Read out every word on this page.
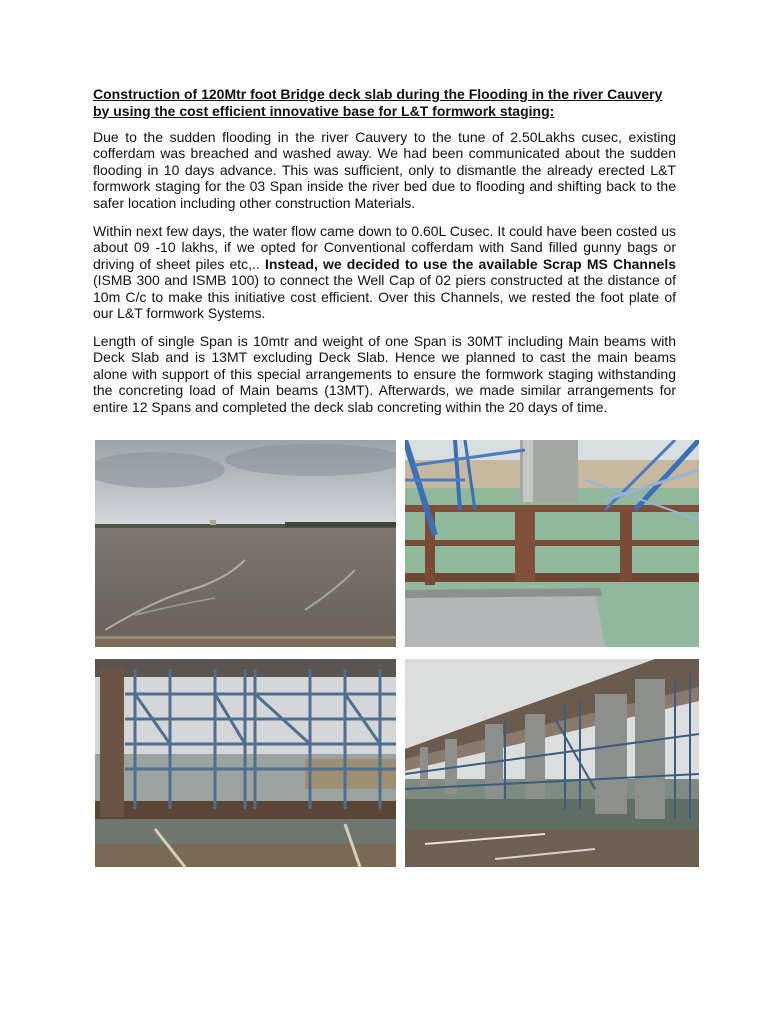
Construction of 120Mtr foot Bridge deck slab during the Flooding in the river Cauvery by using the cost efficient innovative base for L&T formwork staging:

Due to the sudden flooding in the river Cauvery to the tune of 2.50Lakhs cusec, existing cofferdam was breached and washed away. We had been communicated about the sudden flooding in 10 days advance. This was sufficient, only to dismantle the already erected L&T formwork staging for the 03 Span inside the river bed due to flooding and shifting back to the safer location including other construction Materials.

Within next few days, the water flow came down to 0.60L Cusec. It could have been costed us about 09 -10 lakhs, if we opted for Conventional cofferdam with Sand filled gunny bags or driving of sheet piles etc,.. Instead, we decided to use the available Scrap MS Channels (ISMB 300 and ISMB 100) to connect the Well Cap of 02 piers constructed at the distance of 10m C/c to make this initiative cost efficient. Over this Channels, we rested the foot plate of our L&T formwork Systems.

Length of single Span is 10mtr and weight of one Span is 30MT including Main beams with Deck Slab and is 13MT excluding Deck Slab. Hence we planned to cast the main beams alone with support of this special arrangements to ensure the formwork staging withstanding the concreting load of Main beams (13MT). Afterwards, we made similar arrangements for entire 12 Spans and completed the deck slab concreting within the 20 days of time.
